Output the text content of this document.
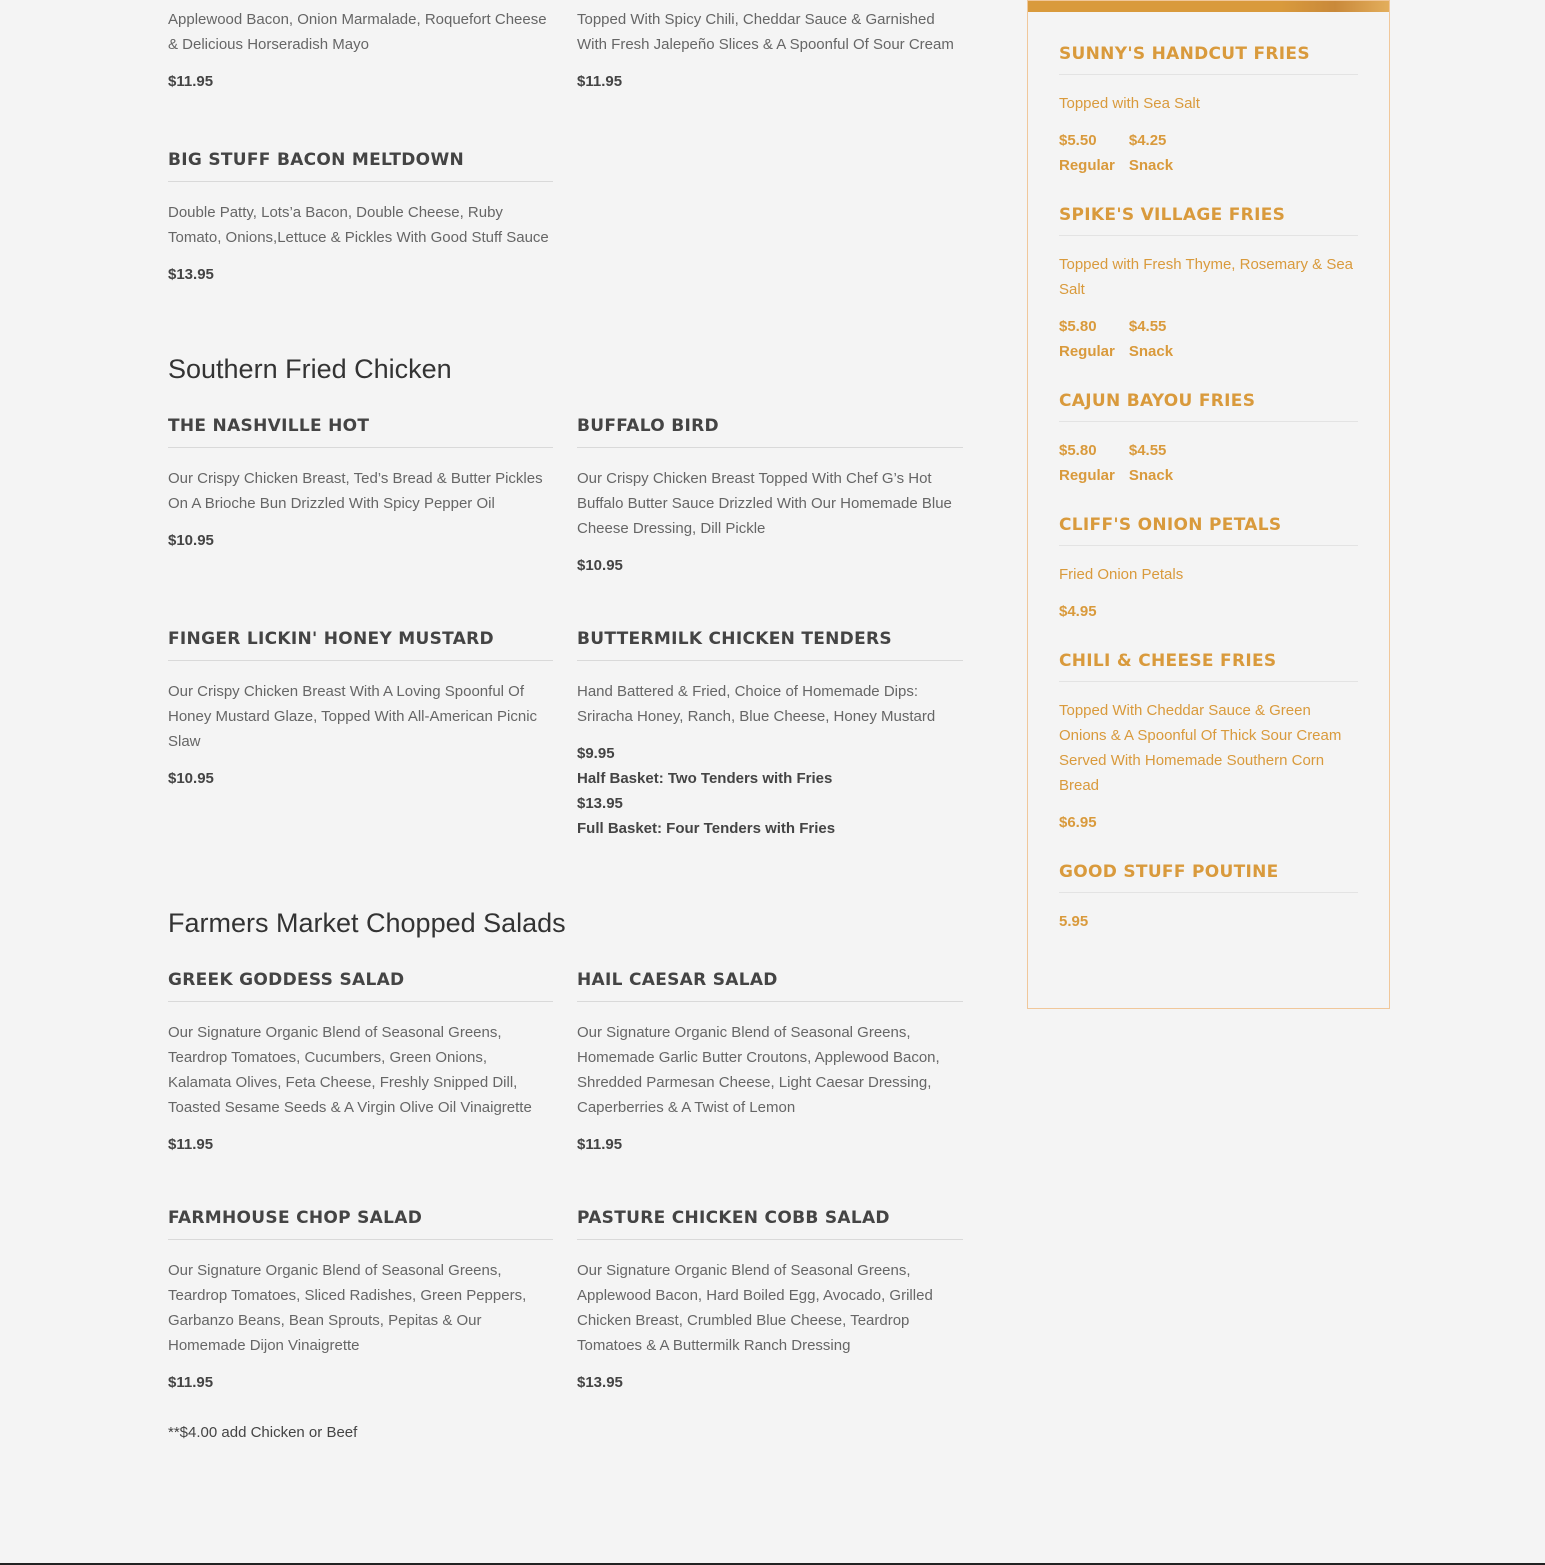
Applewood Bacon, Onion Marmalade, Roquefort Cheese & Delicious Horseradish Mayo

$11.95

Topped With Spicy Chili, Cheddar Sauce & Garnished With Fresh Jalepeño Slices & A Spoonful Of Sour Cream

$11.95
BIG STUFF BACON MELTDOWN

Double Patty, Lots’a Bacon, Double Cheese, Ruby Tomato, Onions,Lettuce & Pickles With Good Stuff Sauce

$13.95
Southern Fried Chicken
THE NASHVILLE HOT

Our Crispy Chicken Breast, Ted’s Bread & Butter Pickles On A Brioche Bun Drizzled With Spicy Pepper Oil

$10.95
BUFFALO BIRD

Our Crispy Chicken Breast Topped With Chef G’s Hot Buffalo Butter Sauce Drizzled With Our Homemade Blue Cheese Dressing, Dill Pickle

$10.95
FINGER LICKIN' HONEY MUSTARD

Our Crispy Chicken Breast With A Loving Spoonful Of Honey Mustard Glaze, Topped With All-American Picnic Slaw

$10.95
BUTTERMILK CHICKEN TENDERS

Hand Battered & Fried, Choice of Homemade Dips: Sriracha Honey, Ranch, Blue Cheese, Honey Mustard

$9.95
Half Basket: Two Tenders with Fries
$13.95
Full Basket: Four Tenders with Fries
Farmers Market Chopped Salads
GREEK GODDESS SALAD

Our Signature Organic Blend of Seasonal Greens, Teardrop Tomatoes, Cucumbers, Green Onions, Kalamata Olives, Feta Cheese, Freshly Snipped Dill, Toasted Sesame Seeds & A Virgin Olive Oil Vinaigrette

$11.95
HAIL CAESAR SALAD

Our Signature Organic Blend of Seasonal Greens, Homemade Garlic Butter Croutons, Applewood Bacon, Shredded Parmesan Cheese, Light Caesar Dressing, Caperberries & A Twist of Lemon

$11.95
FARMHOUSE CHOP SALAD

Our Signature Organic Blend of Seasonal Greens, Teardrop Tomatoes, Sliced Radishes, Green Peppers, Garbanzo Beans, Bean Sprouts, Pepitas & Our Homemade Dijon Vinaigrette

$11.95
PASTURE CHICKEN COBB SALAD

Our Signature Organic Blend of Seasonal Greens, Applewood Bacon, Hard Boiled Egg, Avocado, Grilled Chicken Breast, Crumbled Blue Cheese, Teardrop Tomatoes & A Buttermilk Ranch Dressing

$13.95
**$4.00 add Chicken or Beef
SUNNY'S HANDCUT FRIES

Topped with Sea Salt

$5.50
Regular
$4.25
Snack
SPIKE'S VILLAGE FRIES

Topped with Fresh Thyme, Rosemary & Sea Salt

$5.80
Regular
$4.55
Snack
CAJUN BAYOU FRIES
$5.80
Regular
$4.55
Snack
CLIFF'S ONION PETALS

Fried Onion Petals

$4.95
CHILI & CHEESE FRIES

Topped With Cheddar Sauce & Green Onions & A Spoonful Of Thick Sour Cream Served With Homemade Southern Corn Bread

$6.95
GOOD STUFF POUTINE
5.95
